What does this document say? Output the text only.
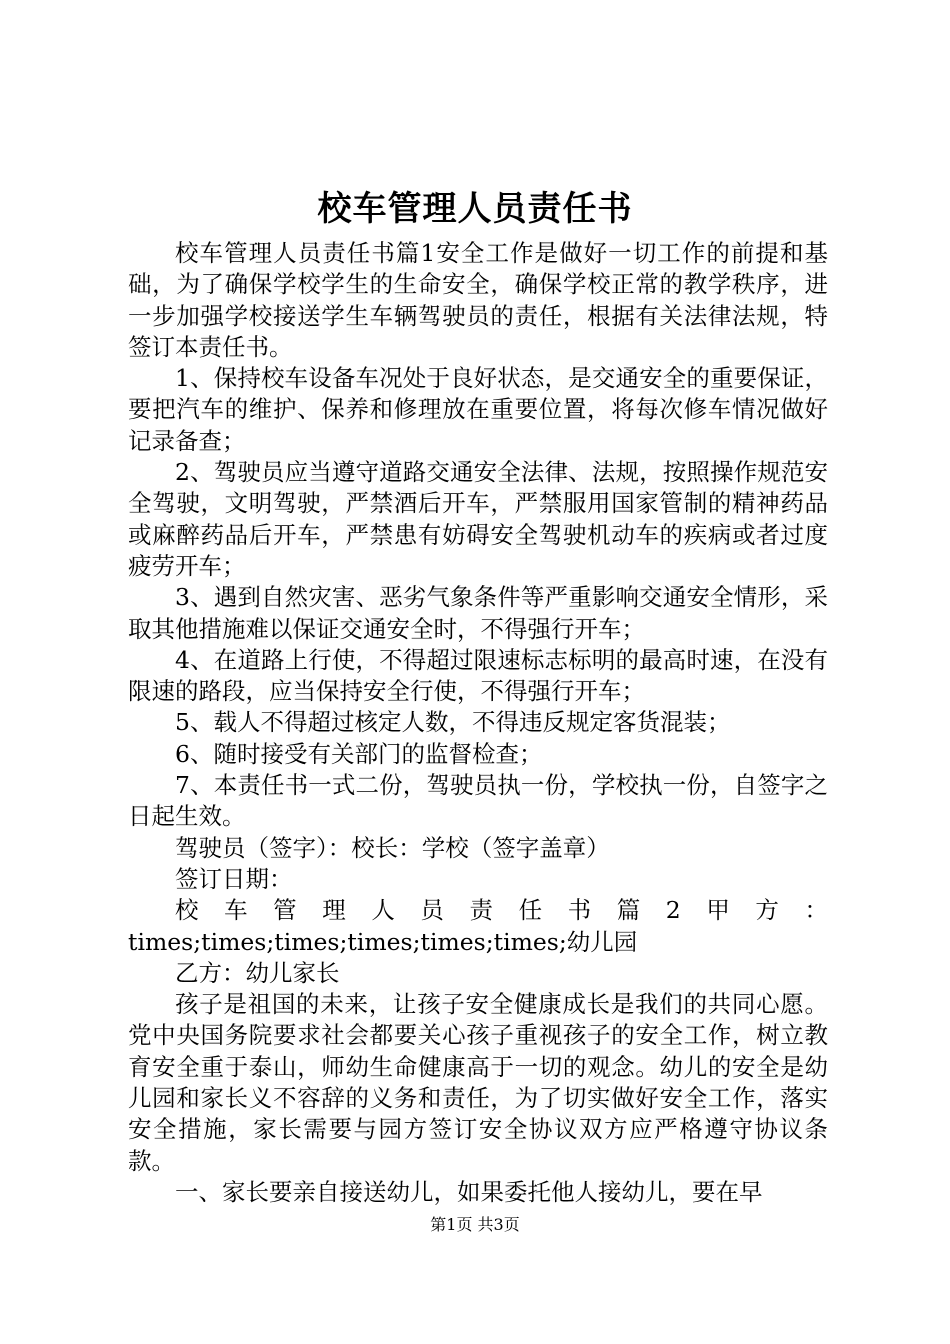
校车管理人员责任书

校车管理人员责任书篇1安全工作是做好一切工作的前提和基础，为了确保学校学生的生命安全，确保学校正常的教学秩序，进一步加强学校接送学生车辆驾驶员的责任，根据有关法律法规，特签订本责任书。

1、保持校车设备车况处于良好状态，是交通安全的重要保证，要把汽车的维护、保养和修理放在重要位置，将每次修车情况做好记录备查；

2、驾驶员应当遵守道路交通安全法律、法规，按照操作规范安全驾驶，文明驾驶，严禁酒后开车，严禁服用国家管制的精神药品或麻醉药品后开车，严禁患有妨碍安全驾驶机动车的疾病或者过度疲劳开车；

3、遇到自然灾害、恶劣气象条件等严重影响交通安全情形，采取其他措施难以保证交通安全时，不得强行开车；

4、在道路上行使，不得超过限速标志标明的最高时速，在没有限速的路段，应当保持安全行使，不得强行开车；

5、载人不得超过核定人数，不得违反规定客货混装；

6、随时接受有关部门的监督检查；

7、本责任书一式二份，驾驶员执一份，学校执一份，自签字之日起生效。

驾驶员（签字）：校长：学校（签字盖章）

签订日期：

校车管理人员责任书篇2甲方：

times;times;times;times;times;times;幼儿园

乙方：幼儿家长

孩子是祖国的未来，让孩子安全健康成长是我们的共同心愿。党中央国务院要求社会都要关心孩子重视孩子的安全工作，树立教育安全重于泰山，师幼生命健康高于一切的观念。幼儿的安全是幼儿园和家长义不容辞的义务和责任，为了切实做好安全工作，落实安全措施，家长需要与园方签订安全协议双方应严格遵守协议条款。

一、家长要亲自接送幼儿，如果委托他人接幼儿，要在早

第1页 共3页
